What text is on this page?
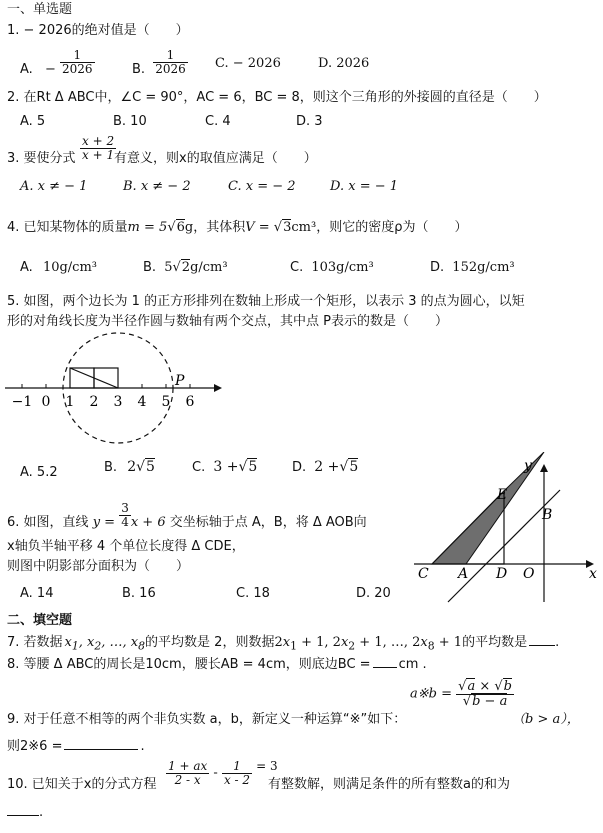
一、单选题
1. − 2026的绝对值是（　　）
A. − $\frac{1}{2026}$	B. $\frac{1}{2026} C$. − 2026	D. 2026
2. 在Rt Δ ABC中，∠C = 90°，AC = 6，BC = 8，则这个三角形的外接圆的直径是（　　）
A. 5	B. 10	C. 4	D. 3
3. 要使分式 $\frac{x + 2}{x + 1}$
有意义，则x的取值应满足（　　）
A. x ≠ − 1	B. x ≠ − 2	C. x = − 2	D. x = − 1
4. 已知某物体的质量m = 5√6g，其体积V = √3cm³，则它的密度ρ为（　　）
A. 10g/cm³	B. 5√2g/cm³	C. 103g/cm³	D. 152g/cm³
5. 如图，两个边长为 1 的正方形排列在数轴上形成一个矩形，以表示 3 的点为圆心，以矩
形的对角线长度为半径作圆与数轴有两个交点，其中点 P表示的数是（　　）
−1 0 1 2 3 4 5 6
P
A. 5.2	B. 2√5	C. 3 +√5	D. 2 +√5
6. 如图，直线 $y = \frac{3}{4}$ x + 6 交坐标轴于点 A，B，将 Δ AOB向
x轴负半轴平移 4 个单位长度得 Δ CDE，
则图中阴影部分面积为（　　）
A. 14	B. 16	C. 18	D. 20
y
x
E
B
C A D O
二、填空题
7. 若数据 $x_1$, $x_2$, …, $x_8$的平均数是 2，则数据$2x_1 + 1$, $2x_2 + 1$, …, $2x_8 + 1$的平均数是 .
8. 等腰 Δ ABC的周长是10cm，腰长AB = 4cm，则底边BC = cm .
a※b = $\frac{√a \times √b}{√b - a}$
9. 对于任意不相等的两个非负实数 a，b，新定义一种运算“※”如下：	（b > a），
则2※6 =	.
10. 已知关于x的分式方程 $\frac{1 + ax}{2 - x} - \frac{1}{x - 2} = 3$
有整数解，则满足条件的所有整数a的和为
.
